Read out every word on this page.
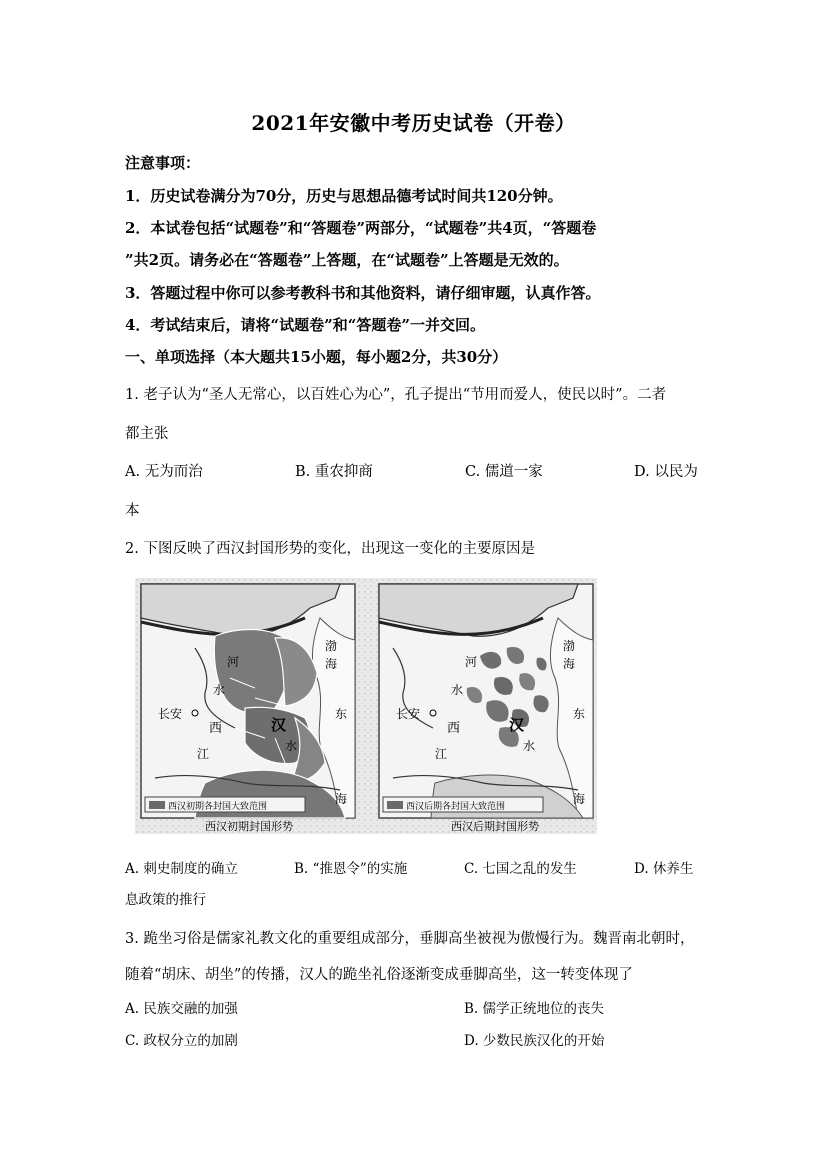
2021年安徽中考历史试卷（开卷）
注意事项：
1．历史试卷满分为70分，历史与思想品德考试时间共120分钟。
2．本试卷包括“试题卷”和“答题卷”两部分，“试题卷”共4页，“答题卷
”共2页。请务必在“答题卷”上答题，在“试题卷”上答题是无效的。
3．答题过程中你可以参考教科书和其他资料，请仔细审题，认真作答。
4．考试结束后，请将“试题卷”和“答题卷”一并交回。
一、单项选择（本大题共15小题，每小题2分，共30分）
1. 老子认为“圣人无常心，以百姓心为心”，孔子提出“节用而爱人，使民以时”。二者
都主张
A. 无为而治	B. 重农抑商	C. 儒道一家	D. 以民为
本
2. 下图反映了西汉封国形势的变化，出现这一变化的主要原因是
长安
河
水
西
江
汉
水
东
渤
海
海
西汉初期各封国大致范围
西汉初期封国形势
长安
河
水
西
江
汉
水
东
渤
海
海
西汉后期各封国大致范围
西汉后期封国形势
A. 刺史制度的确立	B. “推恩令”的实施	C. 七国之乱的发生	D. 休养生
息政策的推行
3. 跪坐习俗是儒家礼教文化的重要组成部分，垂脚高坐被视为傲慢行为。魏晋南北朝时，
随着“胡床、胡坐”的传播，汉人的跪坐礼俗逐渐变成垂脚高坐，这一转变体现了
A. 民族交融的加强	B. 儒学正统地位的丧失
C. 政权分立的加剧	D. 少数民族汉化的开始
